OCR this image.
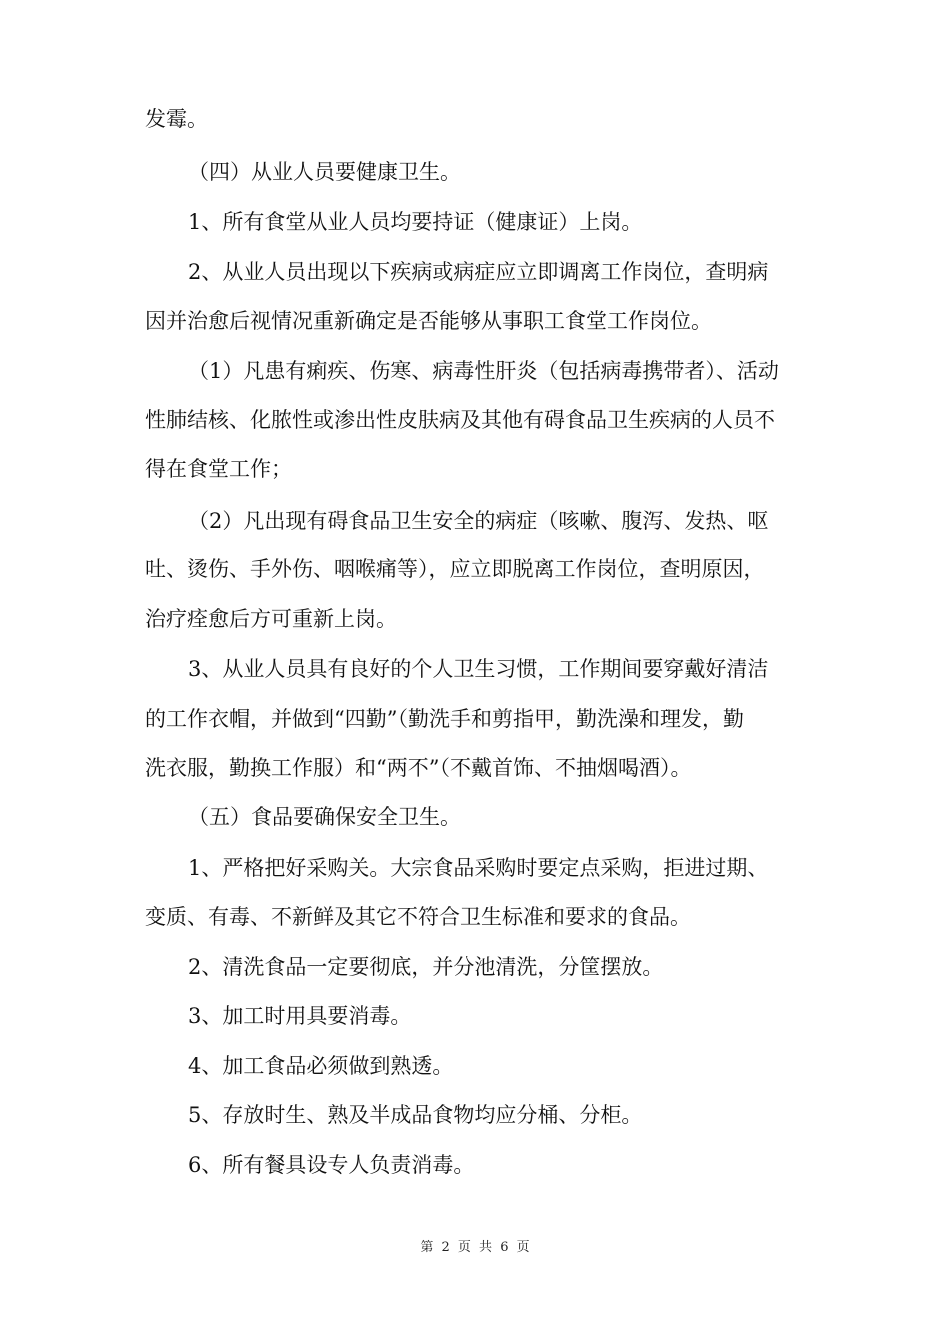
发霉。
（四）从业人员要健康卫生。
1、所有食堂从业人员均要持证（健康证）上岗。
2、从业人员出现以下疾病或病症应立即调离工作岗位，查明病
因并治愈后视情况重新确定是否能够从事职工食堂工作岗位。
（1）凡患有痢疾、伤寒、病毒性肝炎（包括病毒携带者）、活动
性肺结核、化脓性或渗出性皮肤病及其他有碍食品卫生疾病的人员不
得在食堂工作；
（2）凡出现有碍食品卫生安全的病症（咳嗽、腹泻、发热、呕
吐、烫伤、手外伤、咽喉痛等），应立即脱离工作岗位，查明原因，
治疗痊愈后方可重新上岗。
3、从业人员具有良好的个人卫生习惯，工作期间要穿戴好清洁
的工作衣帽，并做到“四勤”（勤洗手和剪指甲，勤洗澡和理发，勤
洗衣服，勤换工作服）和“两不”（不戴首饰、不抽烟喝酒）。
（五）食品要确保安全卫生。
1、严格把好采购关。大宗食品采购时要定点采购，拒进过期、
变质、有毒、不新鲜及其它不符合卫生标准和要求的食品。
2、清洗食品一定要彻底，并分池清洗，分筐摆放。
3、加工时用具要消毒。
4、加工食品必须做到熟透。
5、存放时生、熟及半成品食物均应分桶、分柜。
6、所有餐具设专人负责消毒。
第 2 页 共 6 页
